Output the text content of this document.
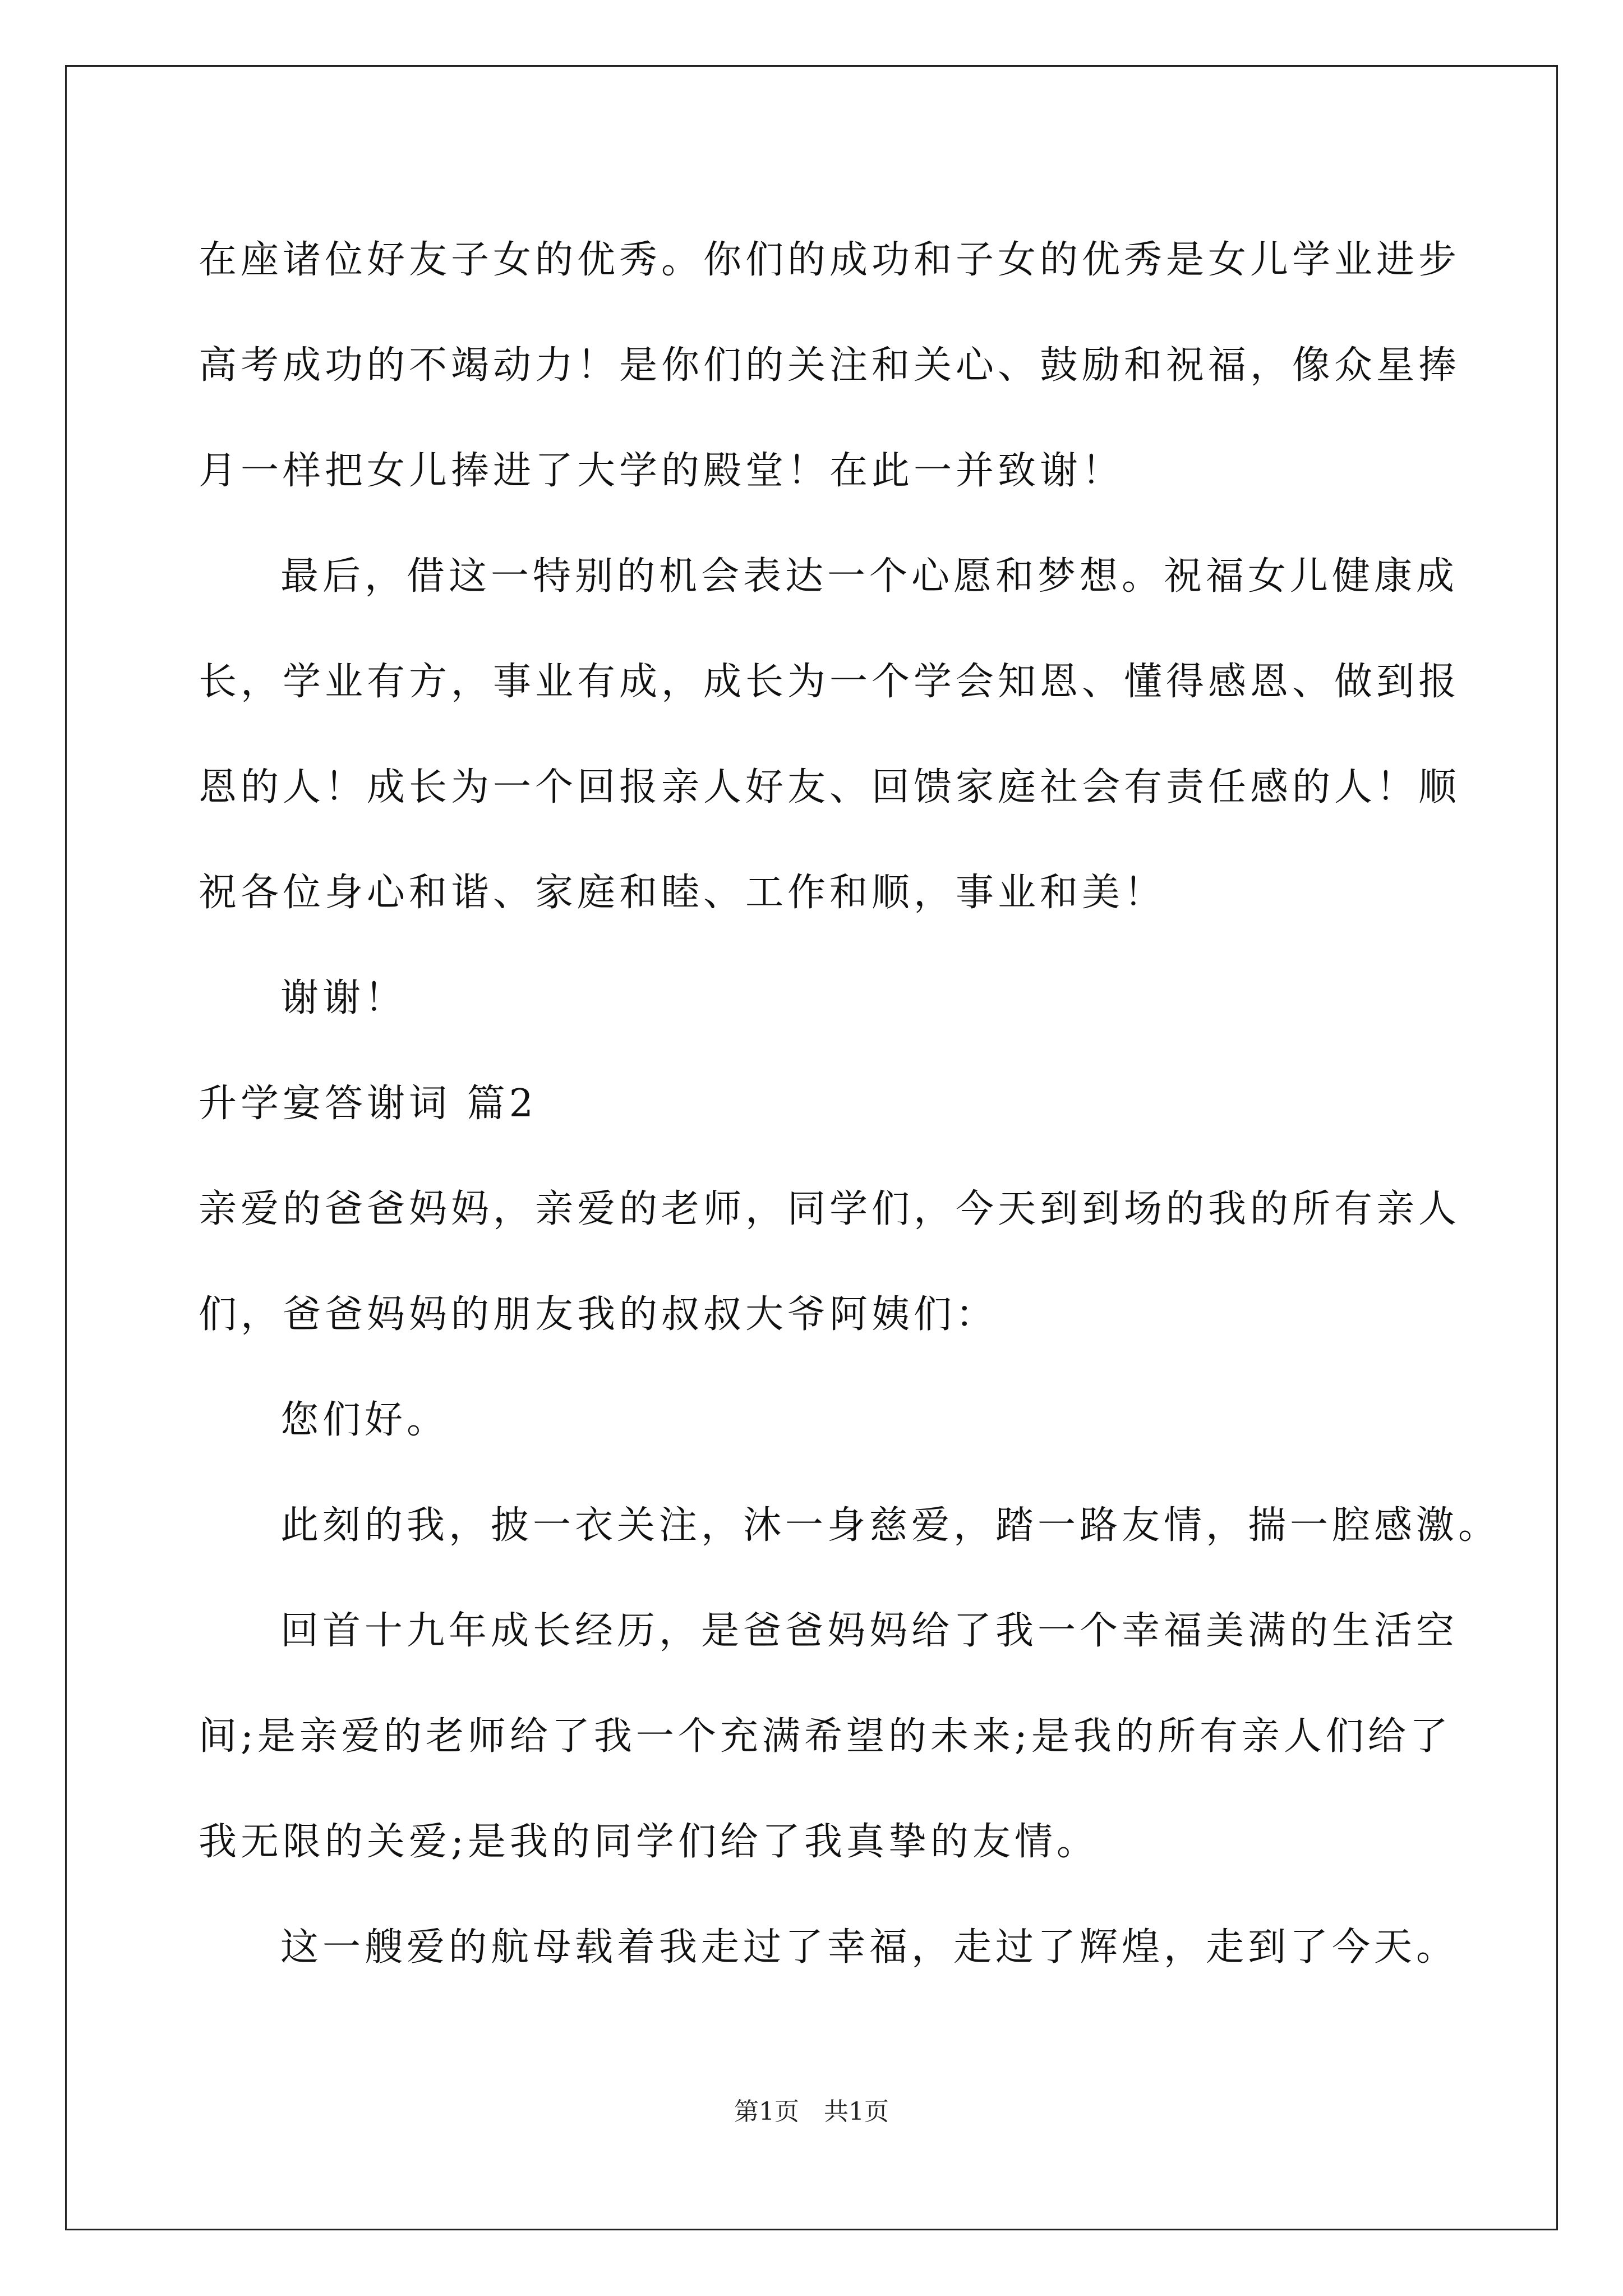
在座诸位好友子女的优秀。你们的成功和子女的优秀是女儿学业进步
高考成功的不竭动力！是你们的关注和关心、鼓励和祝福，像众星捧
月一样把女儿捧进了大学的殿堂！在此一并致谢！
最后，借这一特别的机会表达一个心愿和梦想。祝福女儿健康成
长，学业有方，事业有成，成长为一个学会知恩、懂得感恩、做到报
恩的人！成长为一个回报亲人好友、回馈家庭社会有责任感的人！顺
祝各位身心和谐、家庭和睦、工作和顺，事业和美！
谢谢！
升学宴答谢词 篇2
亲爱的爸爸妈妈，亲爱的老师，同学们，今天到到场的我的所有亲人
们，爸爸妈妈的朋友我的叔叔大爷阿姨们：
您们好。
此刻的我，披一衣关注，沐一身慈爱，踏一路友情，揣一腔感激。
回首十九年成长经历，是爸爸妈妈给了我一个幸福美满的生活空
间;是亲爱的老师给了我一个充满希望的未来;是我的所有亲人们给了
我无限的关爱;是我的同学们给了我真挚的友情。
这一艘爱的航母载着我走过了幸福，走过了辉煌，走到了今天。
第1页 共1页
